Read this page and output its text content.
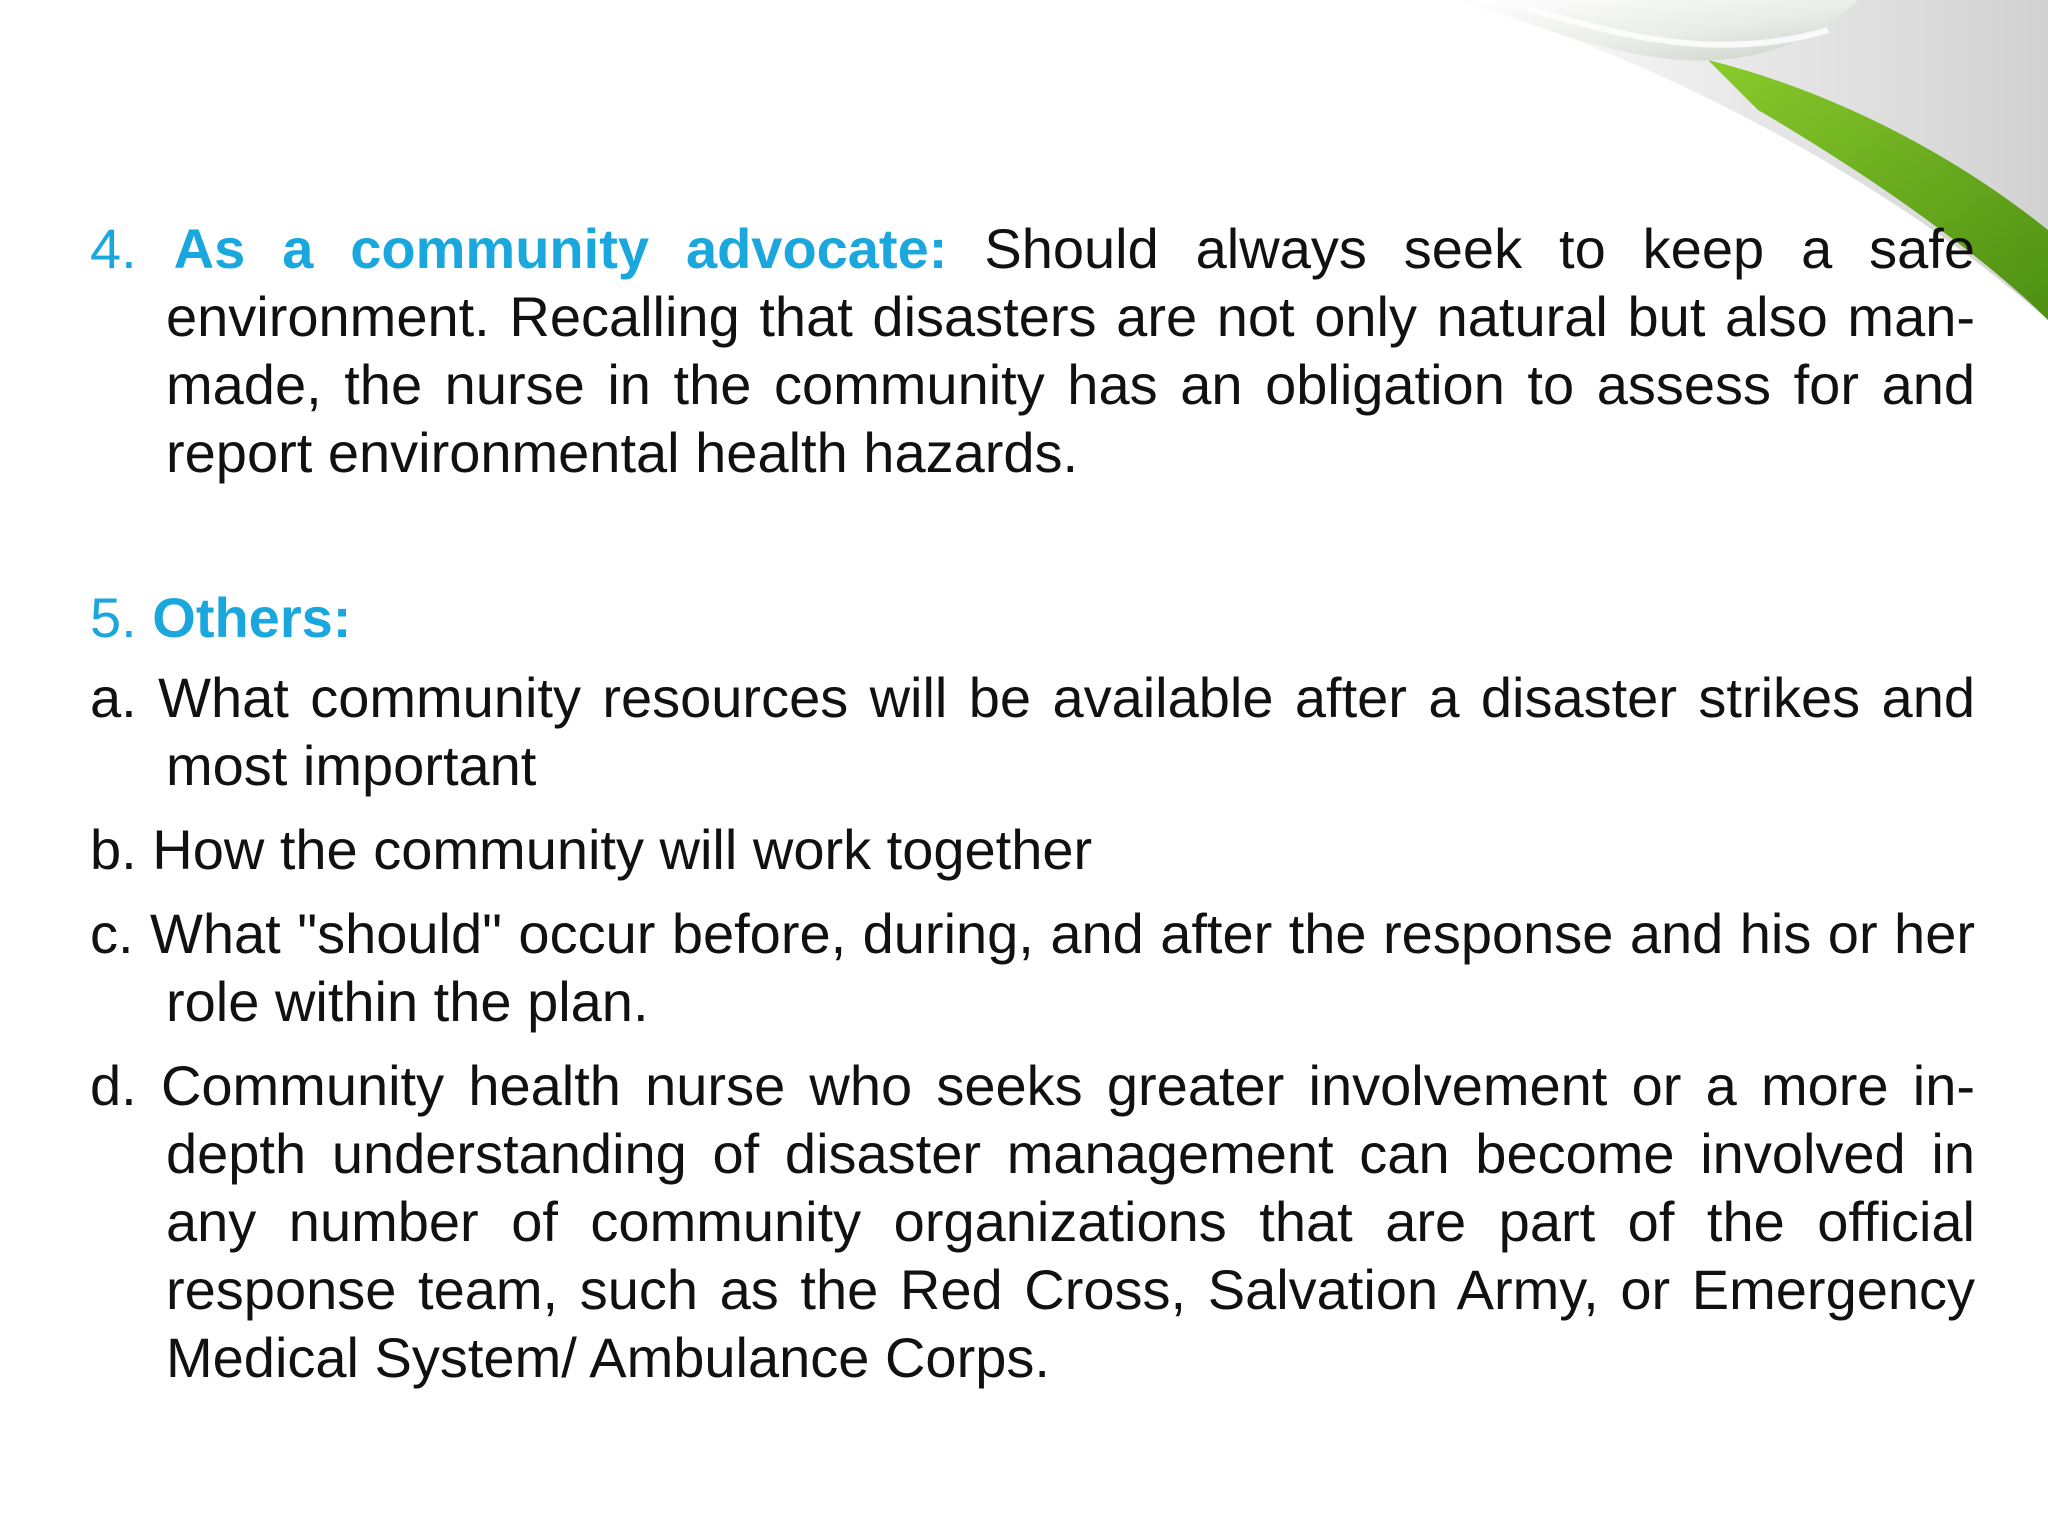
4. As a community advocate: Should always seek to keep a safe environment. Recalling that disasters are not only natural but also man-made, the nurse in the community has an obligation to assess for and report environmental health hazards.

5. Others:

a. What community resources will be available after a disaster strikes and most important

b. How the community will work together

c. What "should" occur before, during, and after the response and his or her role within the plan.

d. Community health nurse who seeks greater involvement or a more in-depth understanding of disaster management can become involved in any number of community organizations that are part of the official response team, such as the Red Cross, Salvation Army, or Emergency Medical System/ Ambulance Corps.
